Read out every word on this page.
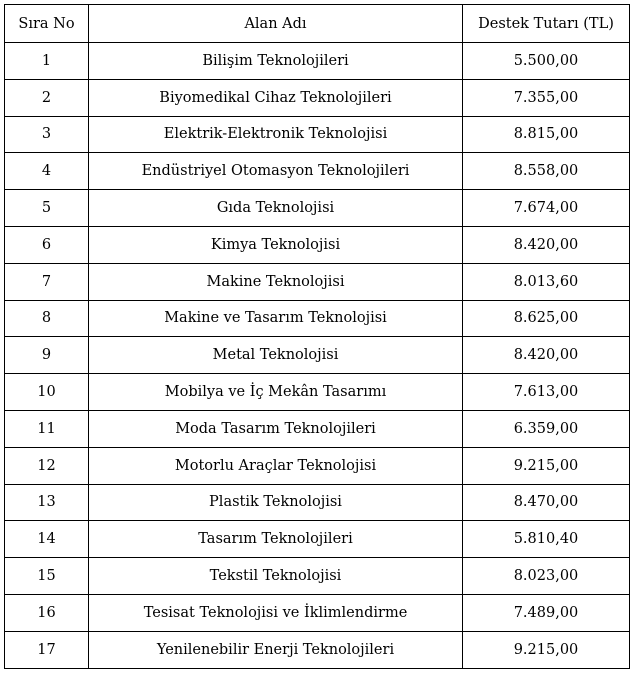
Sıra No	Alan Adı	Destek Tutarı (TL)
1	Bilişim Teknolojileri	5.500,00
2	Biyomedikal Cihaz Teknolojileri	7.355,00
3	Elektrik-Elektronik Teknolojisi	8.815,00
4	Endüstriyel Otomasyon Teknolojileri	8.558,00
5	Gıda Teknolojisi	7.674,00
6	Kimya Teknolojisi	8.420,00
7	Makine Teknolojisi	8.013,60
8	Makine ve Tasarım Teknolojisi	8.625,00
9	Metal Teknolojisi	8.420,00
10	Mobilya ve İç Mekân Tasarımı	7.613,00
11	Moda Tasarım Teknolojileri	6.359,00
12	Motorlu Araçlar Teknolojisi	9.215,00
13	Plastik Teknolojisi	8.470,00
14	Tasarım Teknolojileri	5.810,40
15	Tekstil Teknolojisi	8.023,00
16	Tesisat Teknolojisi ve İklimlendirme	7.489,00
17	Yenilenebilir Enerji Teknolojileri	9.215,00
